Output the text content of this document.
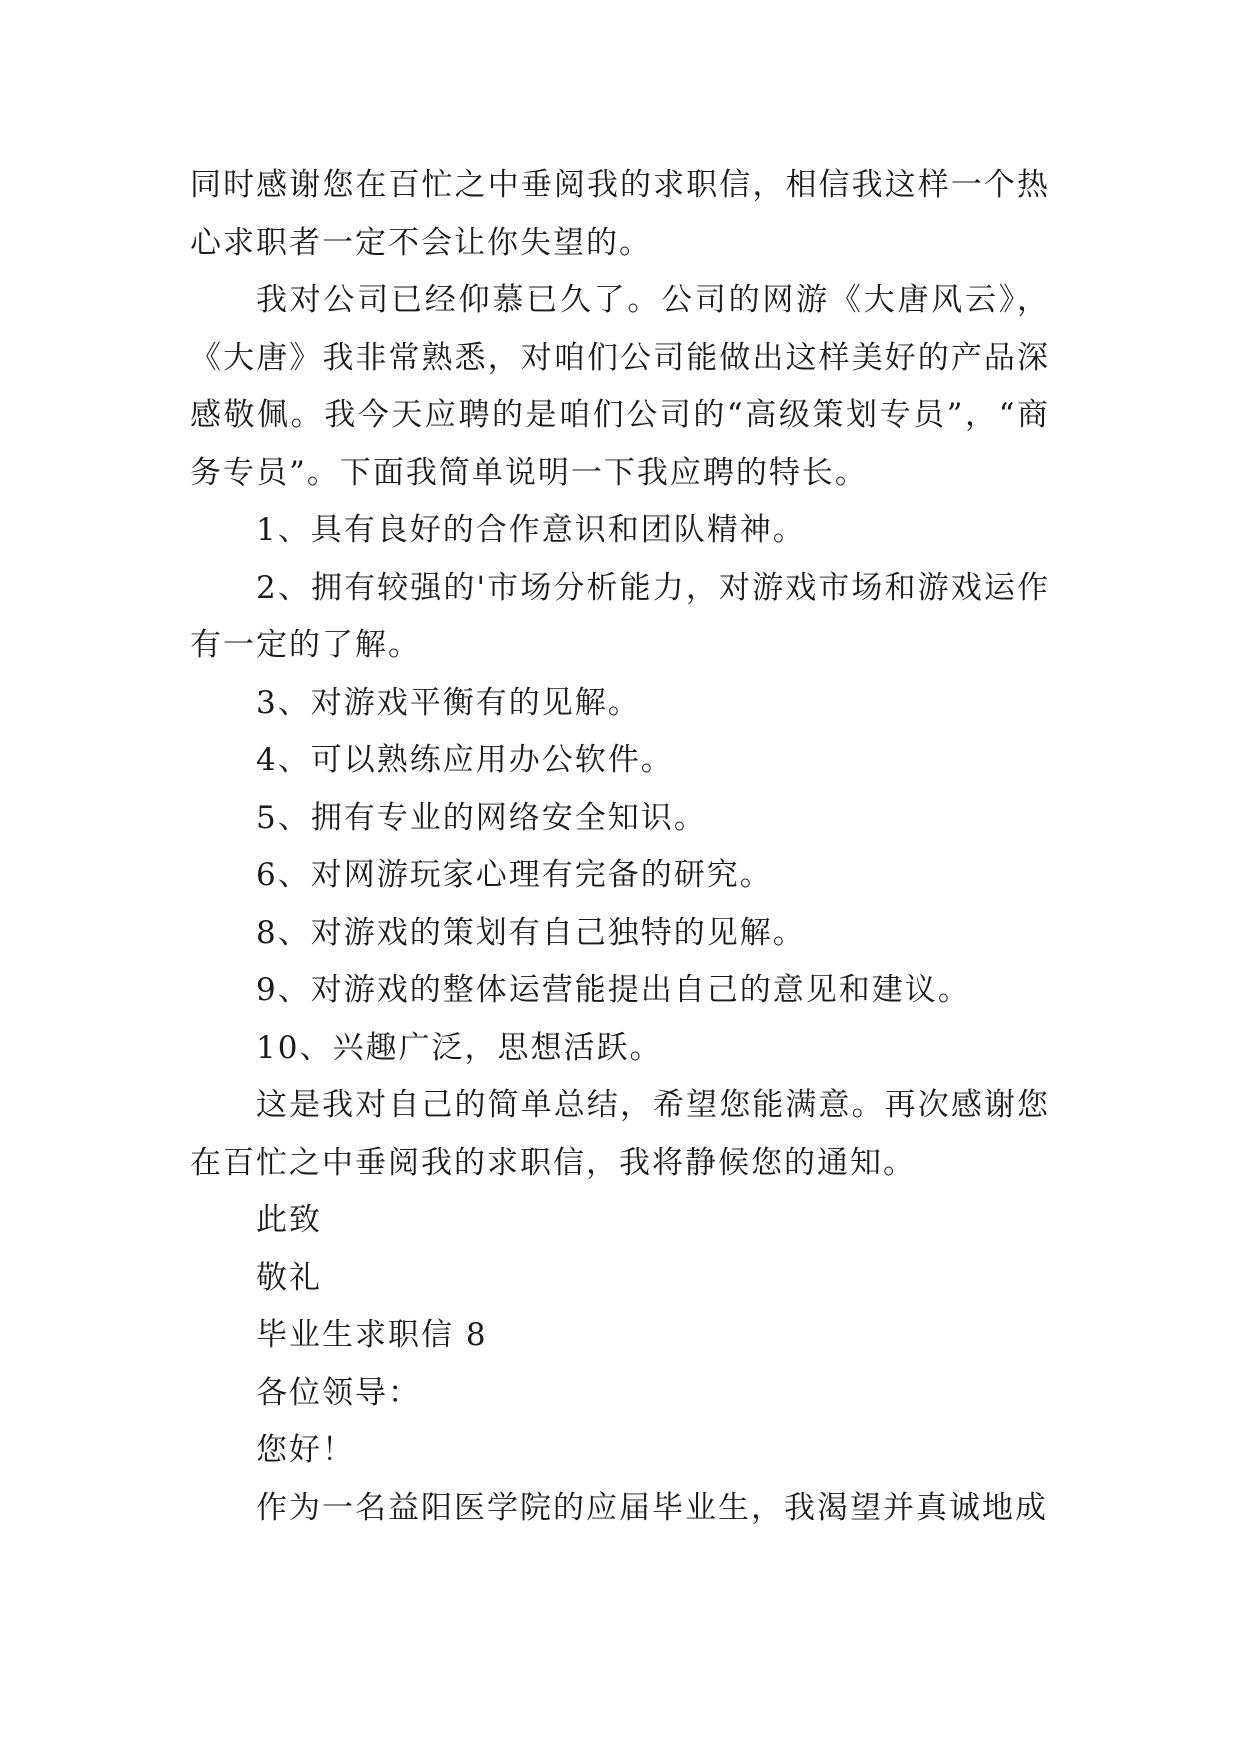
同时感谢您在百忙之中垂阅我的求职信，相信我这样一个热心求职者一定不会让你失望的。

我对公司已经仰慕已久了。公司的网游《大唐风云》，《大唐》我非常熟悉，对咱们公司能做出这样美好的产品深感敬佩。我今天应聘的是咱们公司的“高级策划专员”，“商务专员”。下面我简单说明一下我应聘的特长。

1、具有良好的合作意识和团队精神。

2、拥有较强的'市场分析能力，对游戏市场和游戏运作有一定的了解。

3、对游戏平衡有的见解。

4、可以熟练应用办公软件。

5、拥有专业的网络安全知识。

6、对网游玩家心理有完备的研究。

8、对游戏的策划有自己独特的见解。

9、对游戏的整体运营能提出自己的意见和建议。

10、兴趣广泛，思想活跃。

这是我对自己的简单总结，希望您能满意。再次感谢您在百忙之中垂阅我的求职信，我将静候您的通知。

此致

敬礼

毕业生求职信 8

各位领导：

您好！

作为一名益阳医学院的应届毕业生，我渴望并真诚地成
